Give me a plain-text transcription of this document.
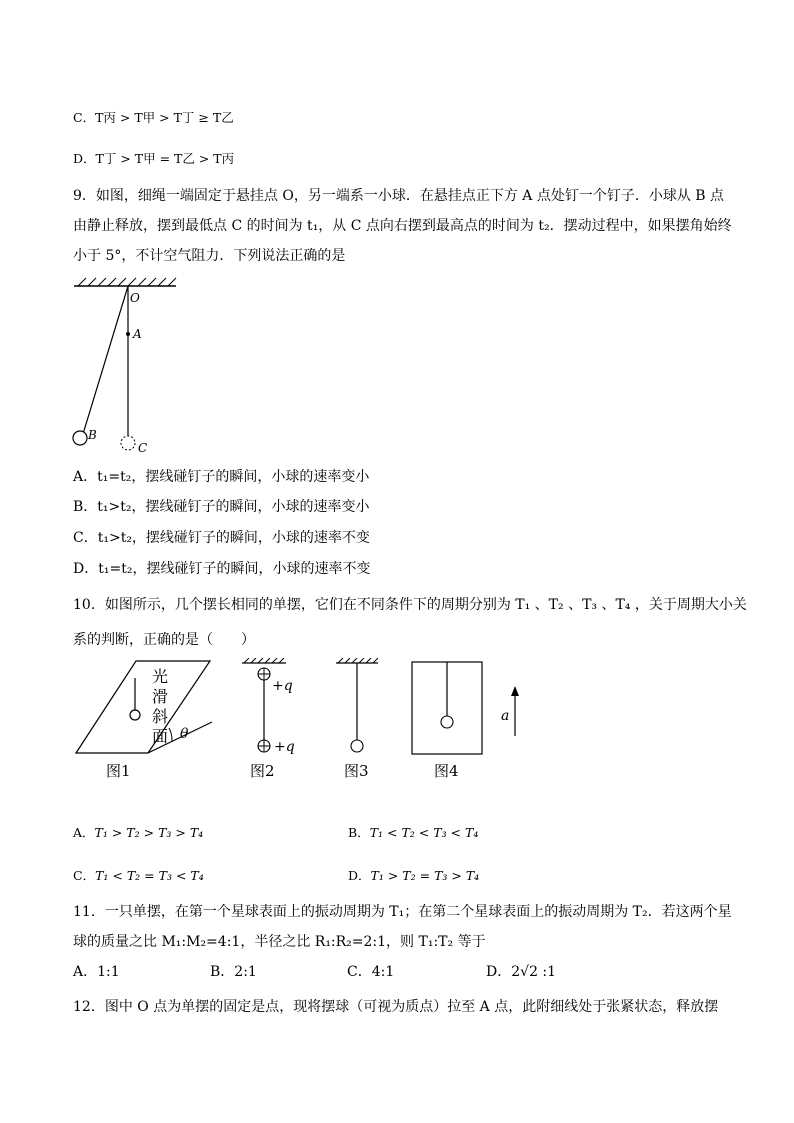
C．T丙 > T甲 > T丁 ≥ T乙
D．T丁 > T甲 = T乙 > T丙
9．如图，细绳一端固定于悬挂点 O，另一端系一小球．在悬挂点正下方 A 点处钉一个钉子．小球从 B 点
由静止释放，摆到最低点 C 的时间为 t₁，从 C 点向右摆到最高点的时间为 t₂．摆动过程中，如果摆角始终
小于 5°，不计空气阻力．下列说法正确的是
O
A
B
C
A．t₁=t₂，摆线碰钉子的瞬间，小球的速率变小
B．t₁>t₂，摆线碰钉子的瞬间，小球的速率变小
C．t₁>t₂，摆线碰钉子的瞬间，小球的速率不变
D．t₁=t₂，摆线碰钉子的瞬间，小球的速率不变
10．如图所示，几个摆长相同的单摆，它们在不同条件下的周期分别为 T₁ 、T₂ 、T₃ 、T₄ ，关于周期大小关
系的判断，正确的是（　　）
光
滑
斜
面 θ
图1
+q
+q
图2	图3
a
图4
A．T₁ > T₂ > T₃ > T₄	B．T₁ < T₂ < T₃ < T₄
C．T₁ < T₂ = T₃ < T₄	D．T₁ > T₂ = T₃ > T₄
11．一只单摆，在第一个星球表面上的振动周期为 T₁；在第二个星球表面上的振动周期为 T₂．若这两个星
球的质量之比 M₁:M₂=4:1，半径之比 R₁:R₂=2:1，则 T₁:T₂ 等于
A．1:1	B．2:1	C．4:1	D．2√2 :1
12．图中 O 点为单摆的固定是点，现将摆球（可视为质点）拉至 A 点，此附细线处于张紧状态，释放摆
